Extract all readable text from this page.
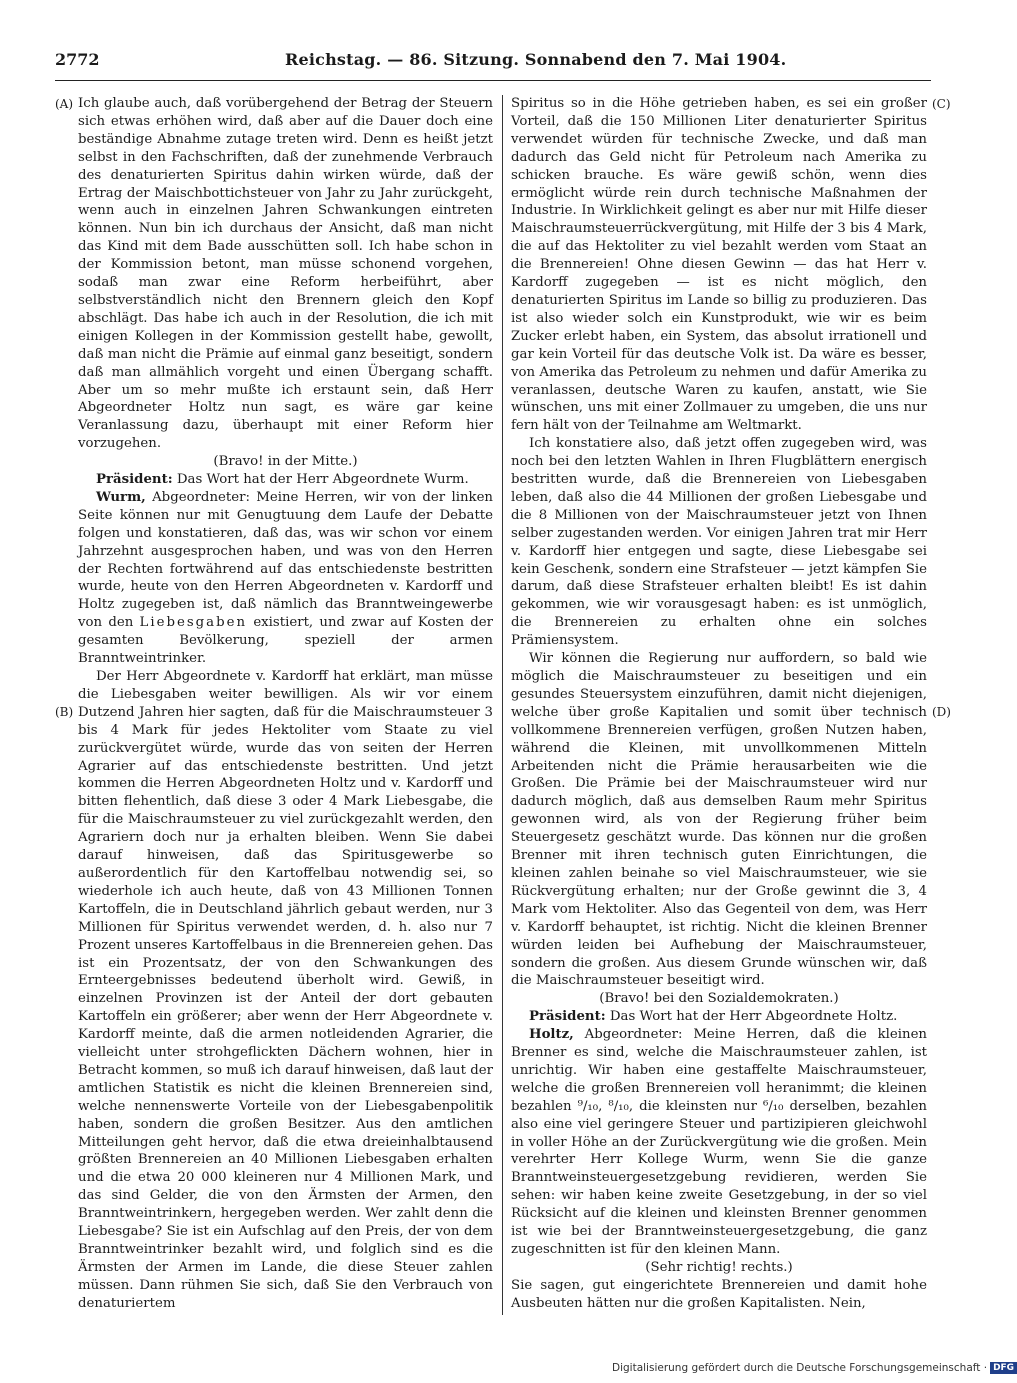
2772	Reichstag. — 86. Sitzung. Sonnabend den 7. Mai 1904.
(A)
(B)
(C)
(D)

Ich glaube auch, daß vorübergehend der Betrag der Steuern sich etwas erhöhen wird, daß aber auf die Dauer doch eine beständige Abnahme zutage treten wird. Denn es heißt jetzt selbst in den Fachschriften, daß der zunehmende Verbrauch des denaturierten Spiritus dahin wirken würde, daß der Ertrag der Maischbottichsteuer von Jahr zu Jahr zurückgeht, wenn auch in einzelnen Jahren Schwankungen eintreten können. Nun bin ich durchaus der Ansicht, daß man nicht das Kind mit dem Bade ausschütten soll. Ich habe schon in der Kommission betont, man müsse schonend vorgehen, sodaß man zwar eine Reform herbeiführt, aber selbstverständlich nicht den Brennern gleich den Kopf abschlägt. Das habe ich auch in der Resolution, die ich mit einigen Kollegen in der Kommission gestellt habe, gewollt, daß man nicht die Prämie auf einmal ganz beseitigt, sondern daß man allmählich vorgeht und einen Übergang schafft. Aber um so mehr mußte ich erstaunt sein, daß Herr Abgeordneter Holtz nun sagt, es wäre gar keine Veranlassung dazu, überhaupt mit einer Reform hier vorzugehen.

(Bravo! in der Mitte.)

Präsident: Das Wort hat der Herr Abgeordnete Wurm.

Wurm, Abgeordneter: Meine Herren, wir von der linken Seite können nur mit Genugtuung dem Laufe der Debatte folgen und konstatieren, daß das, was wir schon vor einem Jahrzehnt ausgesprochen haben, und was von den Herren der Rechten fortwährend auf das entschiedenste bestritten wurde, heute von den Herren Abgeordneten v. Kardorff und Holtz zugegeben ist, daß nämlich das Branntweingewerbe von den Liebesgaben existiert, und zwar auf Kosten der gesamten Bevölkerung, speziell der armen Branntweintrinker.

Der Herr Abgeordnete v. Kardorff hat erklärt, man müsse die Liebesgaben weiter bewilligen. Als wir vor einem Dutzend Jahren hier sagten, daß für die Maischraumsteuer 3 bis 4 Mark für jedes Hektoliter vom Staate zu viel zurückvergütet würde, wurde das von seiten der Herren Agrarier auf das entschiedenste bestritten. Und jetzt kommen die Herren Abgeordneten Holtz und v. Kardorff und bitten flehentlich, daß diese 3 oder 4 Mark Liebesgabe, die für die Maischraumsteuer zu viel zurückgezahlt werden, den Agrariern doch nur ja erhalten bleiben. Wenn Sie dabei darauf hinweisen, daß das Spiritusgewerbe so außerordentlich für den Kartoffelbau notwendig sei, so wiederhole ich auch heute, daß von 43 Millionen Tonnen Kartoffeln, die in Deutschland jährlich gebaut werden, nur 3 Millionen für Spiritus verwendet werden, d. h. also nur 7 Prozent unseres Kartoffelbaus in die Brennereien gehen. Das ist ein Prozentsatz, der von den Schwankungen des Ernteergebnisses bedeutend überholt wird. Gewiß, in einzelnen Provinzen ist der Anteil der dort gebauten Kartoffeln ein größerer; aber wenn der Herr Abgeordnete v. Kardorff meinte, daß die armen notleidenden Agrarier, die vielleicht unter strohgeflickten Dächern wohnen, hier in Betracht kommen, so muß ich darauf hinweisen, daß laut der amtlichen Statistik es nicht die kleinen Brennereien sind, welche nennenswerte Vorteile von der Liebesgabenpolitik haben, sondern die großen Besitzer. Aus den amtlichen Mitteilungen geht hervor, daß die etwa dreieinhalbtausend größten Brennereien an 40 Millionen Liebesgaben erhalten und die etwa 20 000 kleineren nur 4 Millionen Mark, und das sind Gelder, die von den Ärmsten der Armen, den Branntweintrinkern, hergegeben werden. Wer zahlt denn die Liebesgabe? Sie ist ein Aufschlag auf den Preis, der von dem Branntweintrinker bezahlt wird, und folglich sind es die Ärmsten der Armen im Lande, die diese Steuer zahlen müssen. Dann rühmen Sie sich, daß Sie den Verbrauch von denaturiertem

Spiritus so in die Höhe getrieben haben, es sei ein großer Vorteil, daß die 150 Millionen Liter denaturierter Spiritus verwendet würden für technische Zwecke, und daß man dadurch das Geld nicht für Petroleum nach Amerika zu schicken brauche. Es wäre gewiß schön, wenn dies ermöglicht würde rein durch technische Maßnahmen der Industrie. In Wirklichkeit gelingt es aber nur mit Hilfe dieser Maischraumsteuerrückvergütung, mit Hilfe der 3 bis 4 Mark, die auf das Hektoliter zu viel bezahlt werden vom Staat an die Brennereien! Ohne diesen Gewinn — das hat Herr v. Kardorff zugegeben — ist es nicht möglich, den denaturierten Spiritus im Lande so billig zu produzieren. Das ist also wieder solch ein Kunstprodukt, wie wir es beim Zucker erlebt haben, ein System, das absolut irrationell und gar kein Vorteil für das deutsche Volk ist. Da wäre es besser, von Amerika das Petroleum zu nehmen und dafür Amerika zu veranlassen, deutsche Waren zu kaufen, anstatt, wie Sie wünschen, uns mit einer Zollmauer zu umgeben, die uns nur fern hält von der Teilnahme am Weltmarkt.

Ich konstatiere also, daß jetzt offen zugegeben wird, was noch bei den letzten Wahlen in Ihren Flugblättern energisch bestritten wurde, daß die Brennereien von Liebesgaben leben, daß also die 44 Millionen der großen Liebesgabe und die 8 Millionen von der Maischraumsteuer jetzt von Ihnen selber zugestanden werden. Vor einigen Jahren trat mir Herr v. Kardorff hier entgegen und sagte, diese Liebesgabe sei kein Geschenk, sondern eine Strafsteuer — jetzt kämpfen Sie darum, daß diese Strafsteuer erhalten bleibt! Es ist dahin gekommen, wie wir vorausgesagt haben: es ist unmöglich, die Brennereien zu erhalten ohne ein solches Prämiensystem.

Wir können die Regierung nur auffordern, so bald wie möglich die Maischraumsteuer zu beseitigen und ein gesundes Steuersystem einzuführen, damit nicht diejenigen, welche über große Kapitalien und somit über technisch vollkommene Brennereien verfügen, großen Nutzen haben, während die Kleinen, mit unvollkommenen Mitteln Arbeitenden nicht die Prämie herausarbeiten wie die Großen. Die Prämie bei der Maischraumsteuer wird nur dadurch möglich, daß aus demselben Raum mehr Spiritus gewonnen wird, als von der Regierung früher beim Steuergesetz geschätzt wurde. Das können nur die großen Brenner mit ihren technisch guten Einrichtungen, die kleinen zahlen beinahe so viel Maischraumsteuer, wie sie Rückvergütung erhalten; nur der Große gewinnt die 3, 4 Mark vom Hektoliter. Also das Gegenteil von dem, was Herr v. Kardorff behauptet, ist richtig. Nicht die kleinen Brenner würden leiden bei Aufhebung der Maischraumsteuer, sondern die großen. Aus diesem Grunde wünschen wir, daß die Maischraumsteuer beseitigt wird.

(Bravo! bei den Sozialdemokraten.)

Präsident: Das Wort hat der Herr Abgeordnete Holtz.

Holtz, Abgeordneter: Meine Herren, daß die kleinen Brenner es sind, welche die Maischraumsteuer zahlen, ist unrichtig. Wir haben eine gestaffelte Maischraumsteuer, welche die großen Brennereien voll heranimmt; die kleinen bezahlen ⁹/₁₀, ⁸/₁₀, die kleinsten nur ⁶/₁₀ derselben, bezahlen also eine viel geringere Steuer und partizipieren gleichwohl in voller Höhe an der Zurückvergütung wie die großen. Mein verehrter Herr Kollege Wurm, wenn Sie die ganze Branntweinsteuergesetzgebung revidieren, werden Sie sehen: wir haben keine zweite Gesetzgebung, in der so viel Rücksicht auf die kleinen und kleinsten Brenner genommen ist wie bei der Branntweinsteuergesetzgebung, die ganz zugeschnitten ist für den kleinen Mann.

(Sehr richtig! rechts.)

Sie sagen, gut eingerichtete Brennereien und damit hohe Ausbeuten hätten nur die großen Kapitalisten. Nein,

Digitalisierung gefördert durch die Deutsche Forschungsgemeinschaft · DFG
